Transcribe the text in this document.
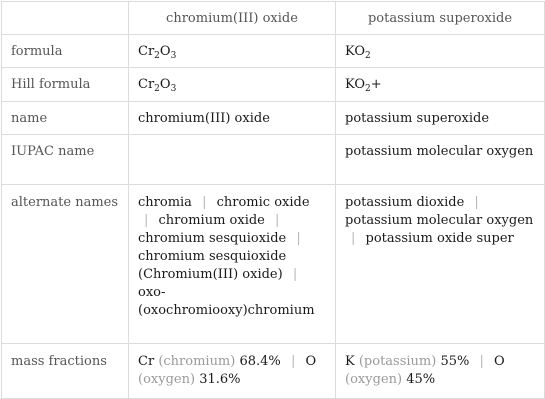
	chromium(III) oxide	potassium superoxide
formula	$Cr_2O_3$	$KO_2$
Hill formula	$Cr_2O_3$	$KO_2+$
name	chromium(III) oxide	potassium superoxide
IUPAC name		potassium molecular oxygen
alternate names	chromia | chromic oxide | chromium oxide | chromium sesquioxide | chromium sesquioxide (Chromium(III) oxide) | oxo-(oxochromiooxy)chromium	potassium dioxide | potassium molecular oxygen | potassium oxide super
mass fractions	Cr (chromium) 68.4% | O (oxygen) 31.6%	K (potassium) 55% | O (oxygen) 45%
